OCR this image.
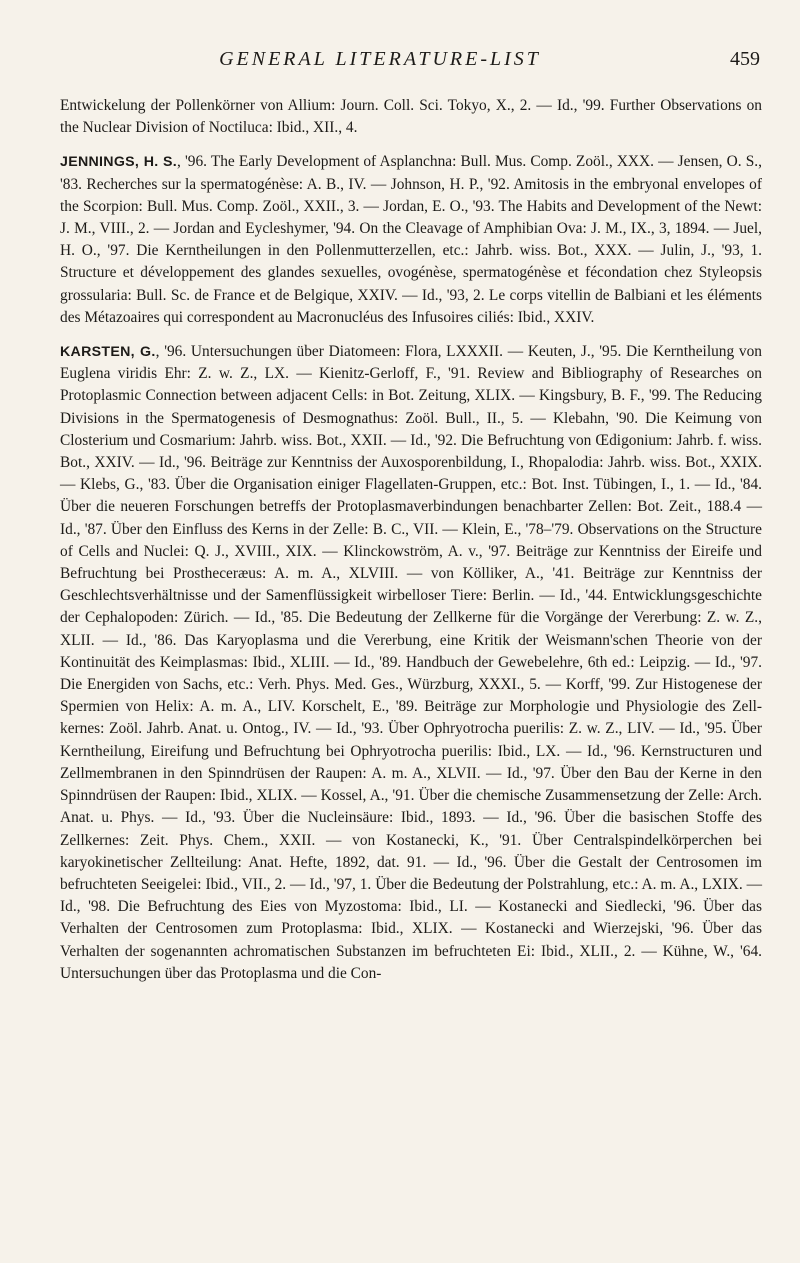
GENERAL LITERATURE-LIST	459

Entwickelung der Pollenkörner von Allium: Journ. Coll. Sci. Tokyo, X., 2. — Id., '99. Further Observations on the Nuclear Division of Noctiluca: Ibid., XII., 4.

JENNINGS, H. S., '96. The Early Development of Asplanchna: Bull. Mus. Comp. Zoöl., XXX. — Jensen, O. S., '83. Recherches sur la spermatogénèse: A. B., IV. — Johnson, H. P., '92. Amitosis in the embryonal envelopes of the Scorpion: Bull. Mus. Comp. Zoöl., XXII., 3. — Jordan, E. O., '93. The Habits and Development of the Newt: J. M., VIII., 2. — Jordan and Eycleshymer, '94. On the Cleavage of Amphibian Ova: J. M., IX., 3, 1894. — Juel, H. O., '97. Die Kerntheilungen in den Pollenmutterzellen, etc.: Jahrb. wiss. Bot., XXX. — Julin, J., '93, 1. Structure et développement des glandes sexuelles, ovogénèse, spermatogénèse et fécondation chez Styleopsis grossularia: Bull. Sc. de France et de Belgique, XXIV. — Id., '93, 2. Le corps vitellin de Balbiani et les éléments des Métazoaires qui correspondent au Macronucléus des Infusoires ciliés: Ibid., XXIV.

KARSTEN, G., '96. Untersuchungen über Diatomeen: Flora, LXXXII. — Keuten, J., '95. Die Kerntheilung von Euglena viridis Ehr: Z. w. Z., LX. — Kienitz-Gerloff, F., '91. Review and Bibliography of Researches on Protoplasmic Connection between adjacent Cells: in Bot. Zeitung, XLIX. — Kingsbury, B. F., '99. The Reducing Divisions in the Spermatogenesis of Desmognathus: Zoöl. Bull., II., 5. — Klebahn, '90. Die Keimung von Closterium und Cosmarium: Jahrb. wiss. Bot., XXII. — Id., '92. Die Befruchtung von Œdigonium: Jahrb. f. wiss. Bot., XXIV. — Id., '96. Beiträge zur Kenntniss der Auxosporenbildung, I., Rhopalodia: Jahrb. wiss. Bot., XXIX. — Klebs, G., '83. Über die Organisation einiger Flagellaten-Gruppen, etc.: Bot. Inst. Tübingen, I., 1. — Id., '84. Über die neueren Forschungen betreffs der Protoplasmaverbindungen benachbarter Zellen: Bot. Zeit., 188.4 — Id., '87. Über den Einfluss des Kerns in der Zelle: B. C., VII. — Klein, E., '78–'79. Observations on the Structure of Cells and Nuclei: Q. J., XVIII., XIX. — Klinckowström, A. v., '97. Beiträge zur Kenntniss der Eireife und Befruchtung bei Prosthecerӕus: A. m. A., XLVIII. — von Kölliker, A., '41. Beiträge zur Kenntniss der Geschlechtsverhältnisse und der Samenflüssigkeit wirbelloser Tiere: Berlin. — Id., '44. Entwicklungsgeschichte der Cephalopoden: Zürich. — Id., '85. Die Bedeutung der Zellkerne für die Vorgänge der Vererbung: Z. w. Z., XLII. — Id., '86. Das Karyoplasma und die Vererbung, eine Kritik der Weismann'schen Theorie von der Kontinuität des Keimplasmas: Ibid., XLIII. — Id., '89. Handbuch der Gewebelehre, 6th ed.: Leipzig. — Id., '97. Die Energiden von Sachs, etc.: Verh. Phys. Med. Ges., Würzburg, XXXI., 5. — Korff, '99. Zur Histogenese der Spermien von Helix: A. m. A., LIV. Korschelt, E., '89. Beiträge zur Morphologie und Physiologie des Zell-kernes: Zoöl. Jahrb. Anat. u. Ontog., IV. — Id., '93. Über Ophryotrocha puerilis: Z. w. Z., LIV. — Id., '95. Über Kerntheilung, Eireifung und Befruchtung bei Ophryotrocha puerilis: Ibid., LX. — Id., '96. Kernstructuren und Zellmembranen in den Spinndrüsen der Raupen: A. m. A., XLVII. — Id., '97. Über den Bau der Kerne in den Spinndrüsen der Raupen: Ibid., XLIX. — Kossel, A., '91. Über die chemische Zusammensetzung der Zelle: Arch. Anat. u. Phys. — Id., '93. Über die Nucleinsäure: Ibid., 1893. — Id., '96. Über die basischen Stoffe des Zellkernes: Zeit. Phys. Chem., XXII. — von Kostanecki, K., '91. Über Centralspindelkörperchen bei karyokinetischer Zellteilung: Anat. Hefte, 1892, dat. 91. — Id., '96. Über die Gestalt der Centrosomen im befruchteten Seeigelei: Ibid., VII., 2. — Id., '97, 1. Über die Bedeutung der Polstrahlung, etc.: A. m. A., LXIX. — Id., '98. Die Befruchtung des Eies von Myzostoma: Ibid., LI. — Kostanecki and Siedlecki, '96. Über das Verhalten der Centrosomen zum Protoplasma: Ibid., XLIX. — Kostanecki and Wierzejski, '96. Über das Verhalten der sogenannten achromatischen Substanzen im befruchteten Ei: Ibid., XLII., 2. — Kühne, W., '64. Untersuchungen über das Protoplasma und die Con-
